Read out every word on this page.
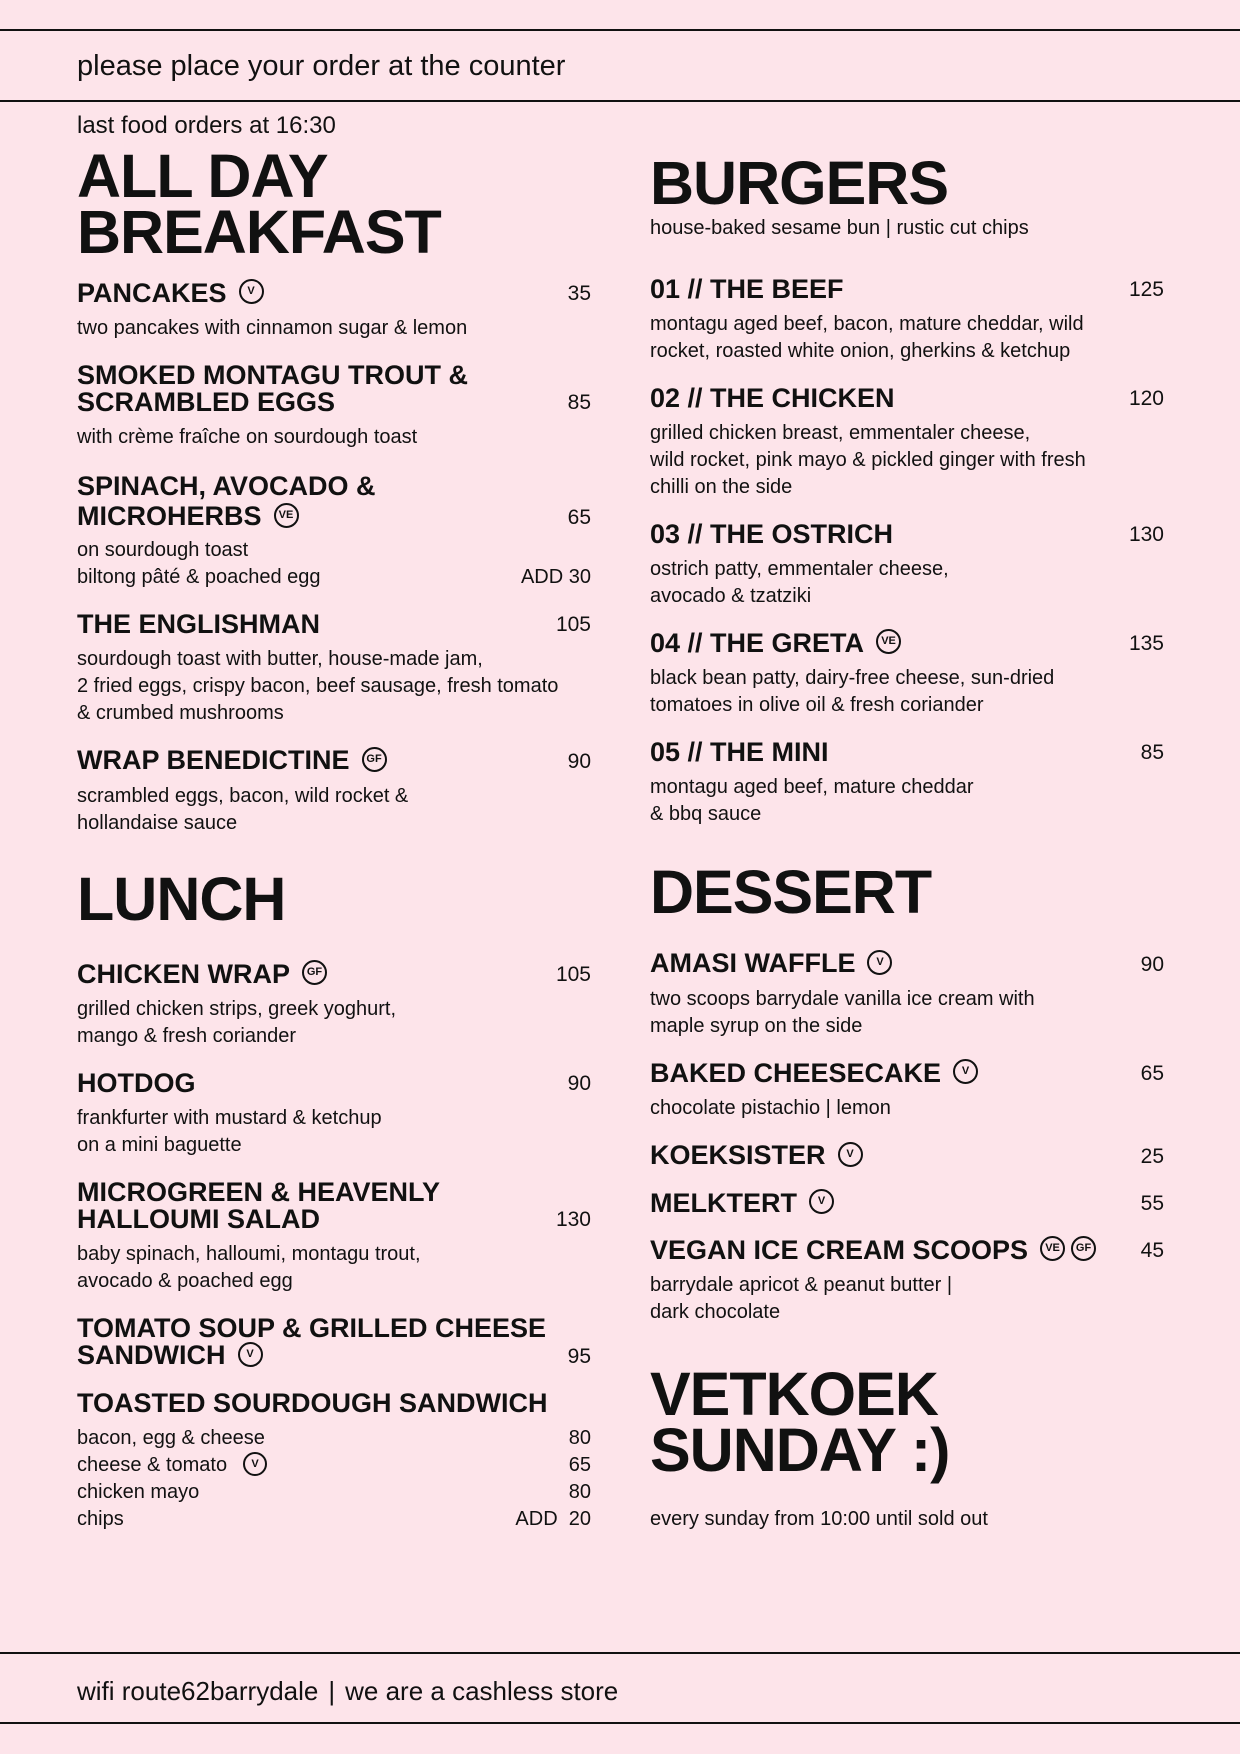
please place your order at the counter
last food orders at 16:30
ALL DAY
BREAKFAST
PANCAKES V	35
two pancakes with cinnamon sugar & lemon
SMOKED MONTAGU TROUT &
SCRAMBLED EGGS	85
with crème fraîche on sourdough toast
SPINACH, AVOCADO &
MICROHERBS VE	65
on sourdough toast
biltong pâté & poached egg	ADD 30
THE ENGLISHMAN	105
sourdough toast with butter, house-made jam,
2 fried eggs, crispy bacon, beef sausage, fresh tomato
& crumbed mushrooms
WRAP BENEDICTINE GF	90
scrambled eggs, bacon, wild rocket &
hollandaise sauce
LUNCH
CHICKEN WRAP GF	105
grilled chicken strips, greek yoghurt,
mango & fresh coriander
HOTDOG	90
frankfurter with mustard & ketchup
on a mini baguette
MICROGREEN & HEAVENLY
HALLOUMI SALAD	130
baby spinach, halloumi, montagu trout,
avocado & poached egg
TOMATO SOUP & GRILLED CHEESE
SANDWICH V	95
TOASTED SOURDOUGH SANDWICH
bacon, egg & cheese	80
cheese & tomato V	65
chicken mayo	80
chips	ADD  20
BURGERS
house-baked sesame bun | rustic cut chips
01 // THE BEEF	125
montagu aged beef, bacon, mature cheddar, wild
rocket, roasted white onion, gherkins & ketchup
02 // THE CHICKEN	120
grilled chicken breast, emmentaler cheese,
wild rocket, pink mayo & pickled ginger with fresh
chilli on the side
03 // THE OSTRICH	130
ostrich patty, emmentaler cheese,
avocado & tzatziki
04 // THE GRETA VE	135
black bean patty, dairy-free cheese, sun-dried
tomatoes in olive oil & fresh coriander
05 // THE MINI	85
montagu aged beef, mature cheddar
& bbq sauce
DESSERT
AMASI WAFFLE V	90
two scoops barrydale vanilla ice cream with
maple syrup on the side
BAKED CHEESECAKE V	65
chocolate pistachio | lemon
KOEKSISTER V	25
MELKTERT V	55
VEGAN ICE CREAM SCOOPS VE GF 45
barrydale apricot & peanut butter |
dark chocolate
VETKOEK
SUNDAY :)
every sunday from 10:00 until sold out
wifi route62barrydale | we are a cashless store
